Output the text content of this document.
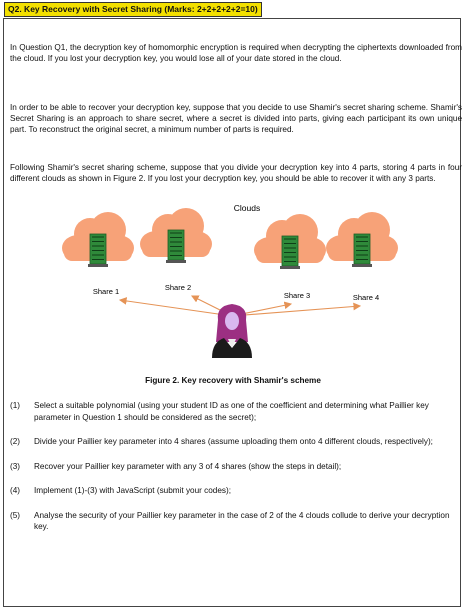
Q2. Key Recovery with Secret Sharing (Marks: 2+2+2+2+2=10)

In Question Q1, the decryption key of homomorphic encryption is required when decrypting the ciphertexts downloaded from the cloud. If you lost your decryption key, you would lose all of your date stored in the cloud.

In order to be able to recover your decryption key, suppose that you decide to use Shamir's secret sharing scheme. Shamir's Secret Sharing is an approach to share secret, where a secret is divided into parts, giving each participant its own unique part. To reconstruct the original secret, a minimum number of parts is required.

Following Shamir's secret sharing scheme, suppose that you divide your decryption key into 4 parts, storing 4 parts in four different clouds as shown in Figure 2. If you lost your decryption key, you should be able to recover it with any 3 parts.

Clouds
Share 1	Share 2
Share 3	Share 4
Figure 2. Key recovery with Shamir's scheme
(1) Select a suitable polynomial (using your student ID as one of the coefficient and determining what Paillier key parameter in Question 1 should be considered as the secret);
(2) Divide your Paillier key parameter into 4 shares (assume uploading them onto 4 different clouds, respectively);
(3) Recover your Paillier key parameter with any 3 of 4 shares (show the steps in detail);
(4) Implement (1)-(3) with JavaScript (submit your codes);
(5) Analyse the security of your Paillier key parameter in the case of 2 of the 4 clouds collude to derive your decryption key.
